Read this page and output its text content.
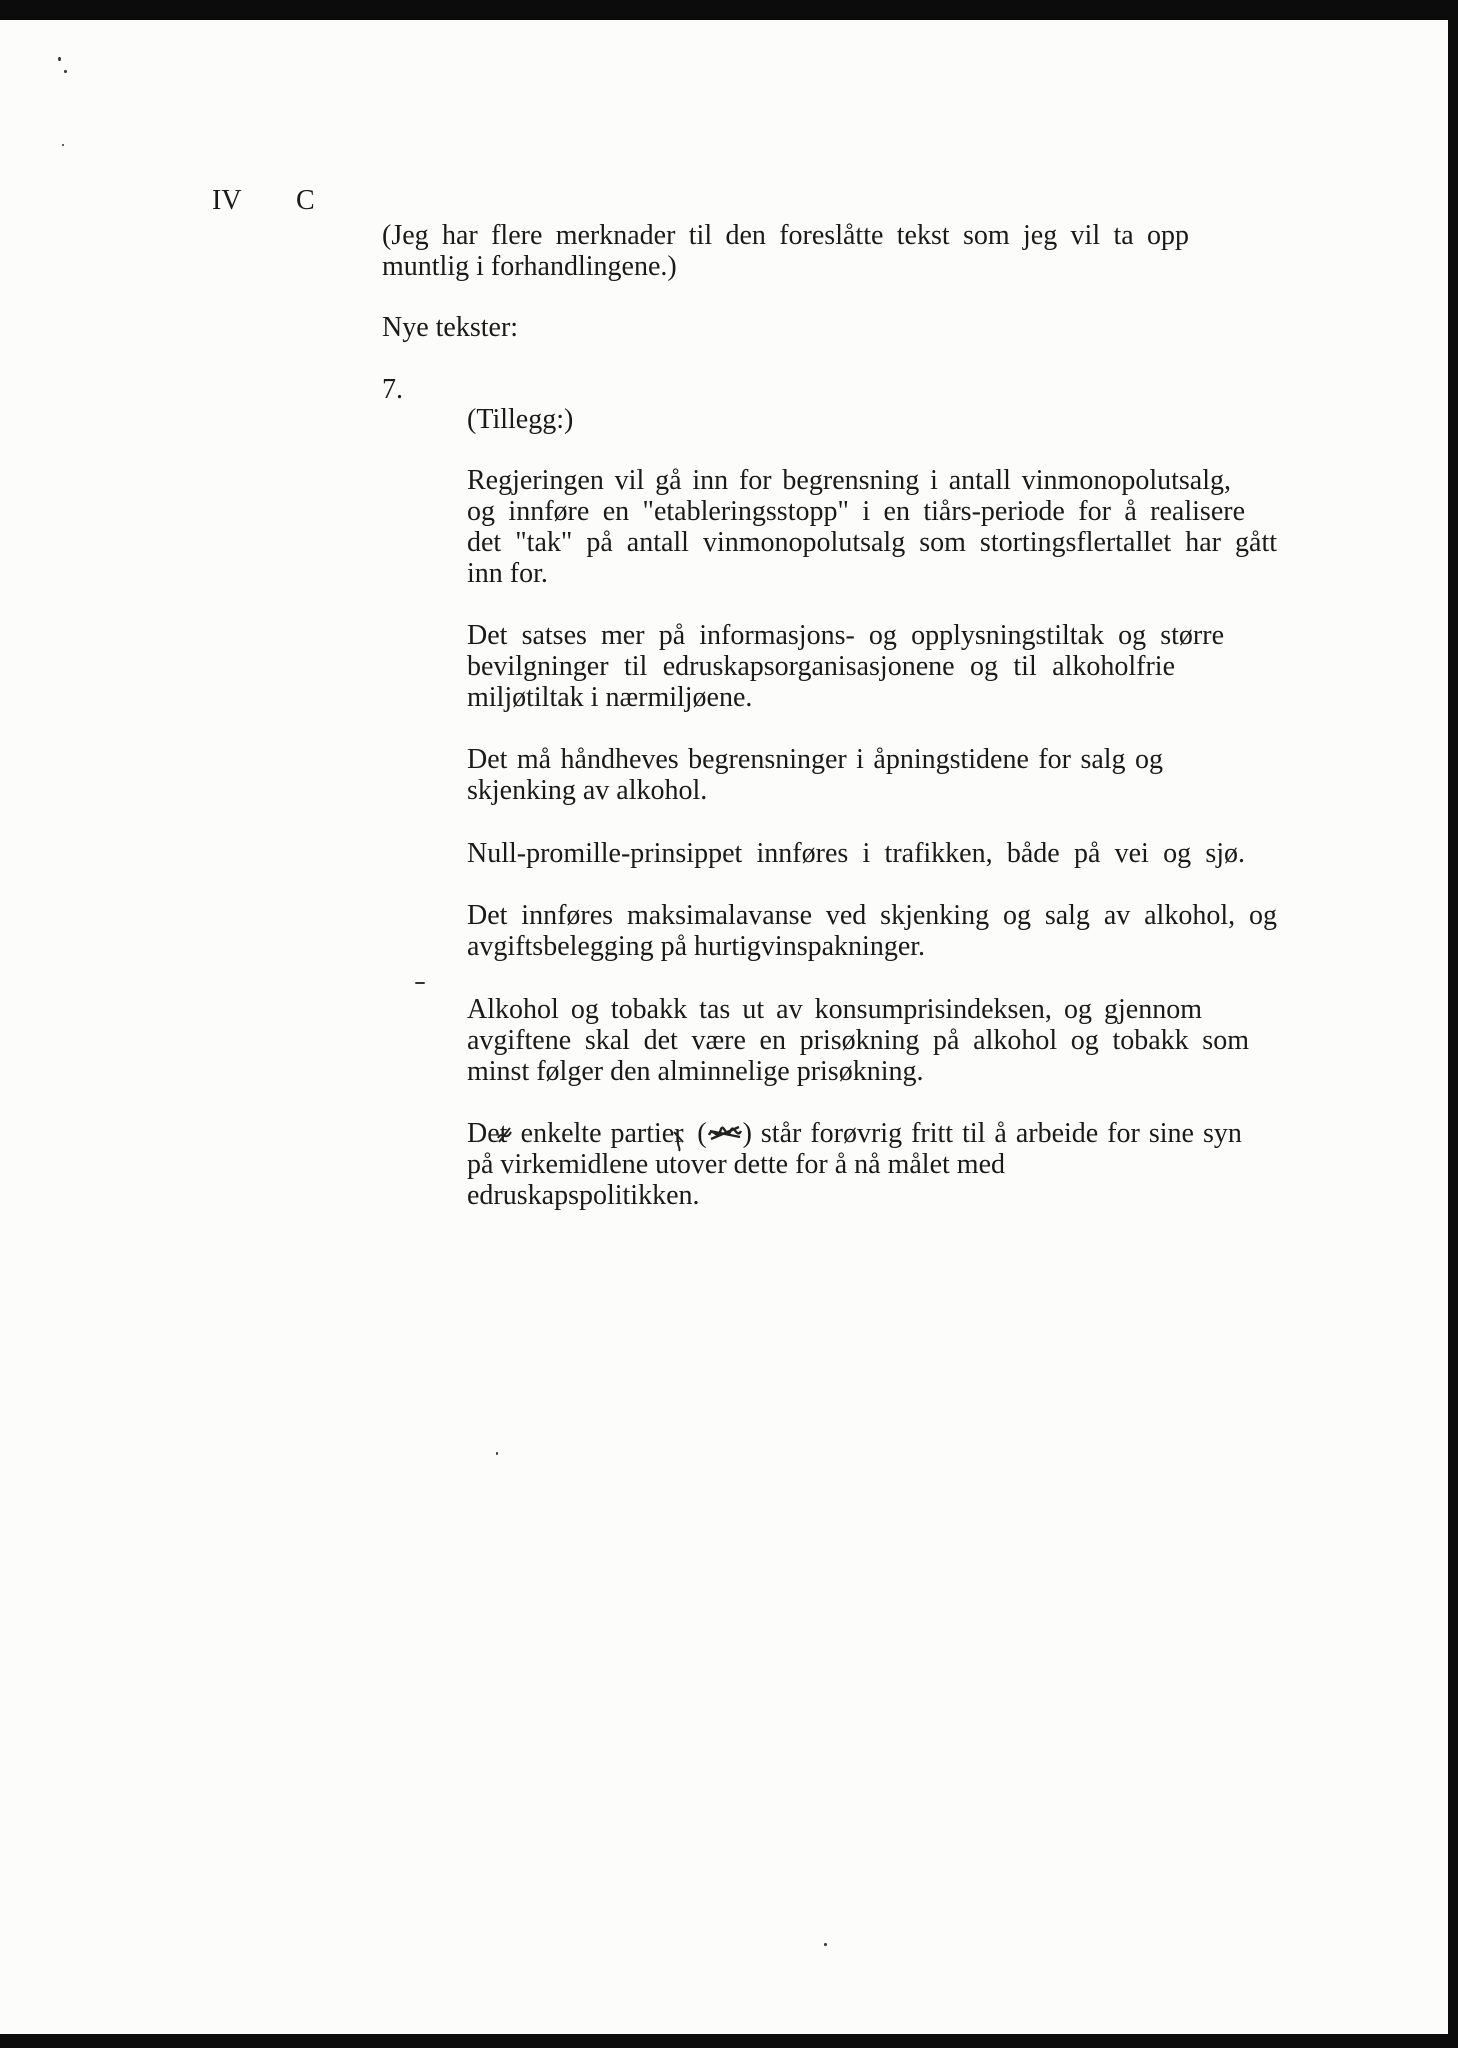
IV C
(Jeg har flere merknader til den foreslåtte tekst som jeg vil ta opp
muntlig i forhandlingene.)
Nye tekster:
7.
(Tillegg:)
Regjeringen vil gå inn for begrensning i antall vinmonopolutsalg,
og innføre en "etableringsstopp" i en tiårs-periode for å realisere
det "tak" på antall vinmonopolutsalg som stortingsflertallet har gått
inn for.
Det satses mer på informasjons- og opplysningstiltak og større
bevilgninger til edruskapsorganisasjonene og til alkoholfrie
miljøtiltak i nærmiljøene.
Det må håndheves begrensninger i åpningstidene for salg og
skjenking av alkohol.
Null-promille-prinsippet innføres i trafikken, både på vei og sjø.
Det innføres maksimalavanse ved skjenking og salg av alkohol, og
avgiftsbelegging på hurtigvinspakninger.
Alkohol og tobakk tas ut av konsumprisindeksen, og gjennom
avgiftene skal det være en prisøkning på alkohol og tobakk som
minst følger den alminnelige prisøkning.
Det
enkelte partier
( ) står forøvrig fritt til å arbeide for sine syn
på virkemidlene utover dette for å nå målet med
edruskapspolitikken.
